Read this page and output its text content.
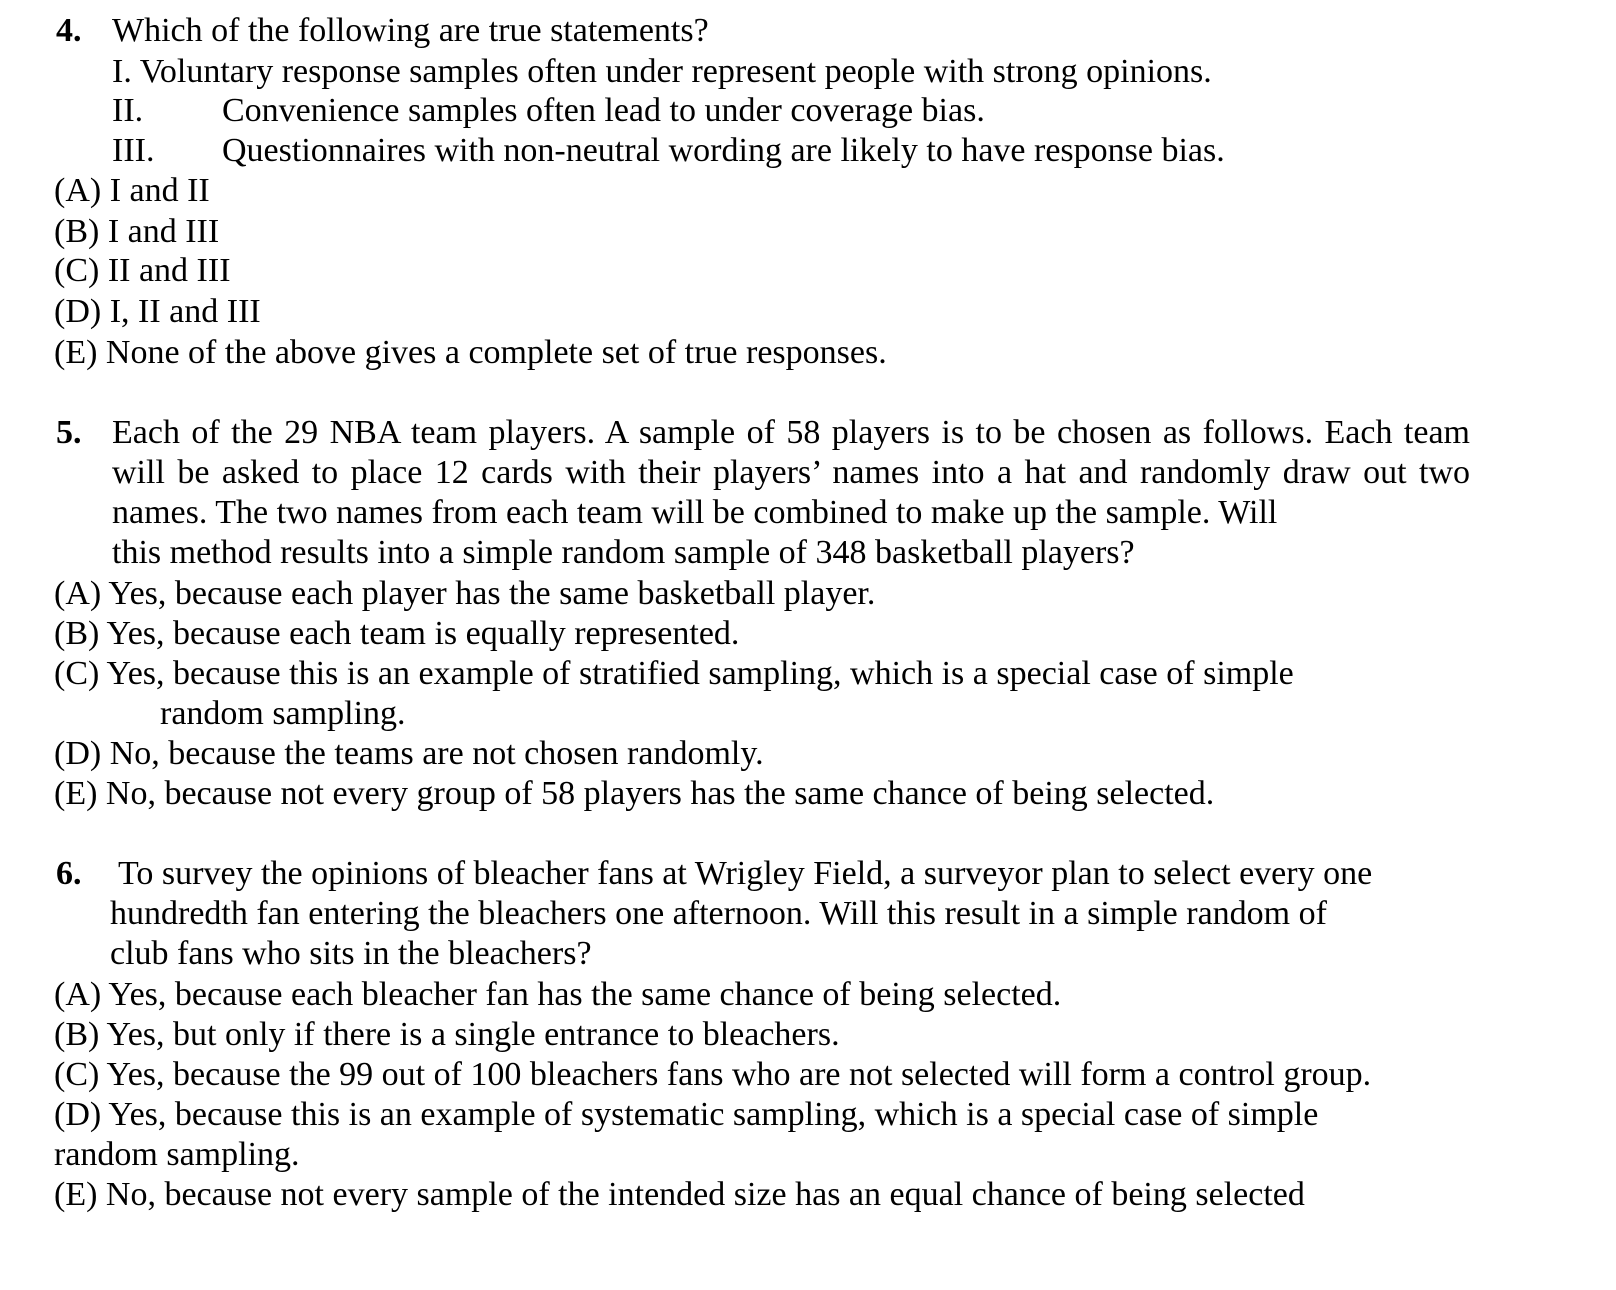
4. Which of the following are true statements?
I. Voluntary response samples often under represent people with strong opinions.
II. Convenience samples often lead to under coverage bias.
III. Questionnaires with non-neutral wording are likely to have response bias.
(A) I and II
(B) I and III
(C) II and III
(D) I, II and III
(E) None of the above gives a complete set of true responses.
5. Each of the 29 NBA team players. A sample of 58 players is to be chosen as follows. Each team
will be asked to place 12 cards with their players’ names into a hat and randomly draw out two
names. The two names from each team will be combined to make up the sample. Will
this method results into a simple random sample of 348 basketball players?
(A) Yes, because each player has the same basketball player.
(B) Yes, because each team is equally represented.
(C) Yes, because this is an example of stratified sampling, which is a special case of simple
random sampling.
(D) No, because the teams are not chosen randomly.
(E) No, because not every group of 58 players has the same chance of being selected.
6. To survey the opinions of bleacher fans at Wrigley Field, a surveyor plan to select every one
hundredth fan entering the bleachers one afternoon. Will this result in a simple random of
club fans who sits in the bleachers?
(A) Yes, because each bleacher fan has the same chance of being selected.
(B) Yes, but only if there is a single entrance to bleachers.
(C) Yes, because the 99 out of 100 bleachers fans who are not selected will form a control group.
(D) Yes, because this is an example of systematic sampling, which is a special case of simple
random sampling.
(E) No, because not every sample of the intended size has an equal chance of being selected
